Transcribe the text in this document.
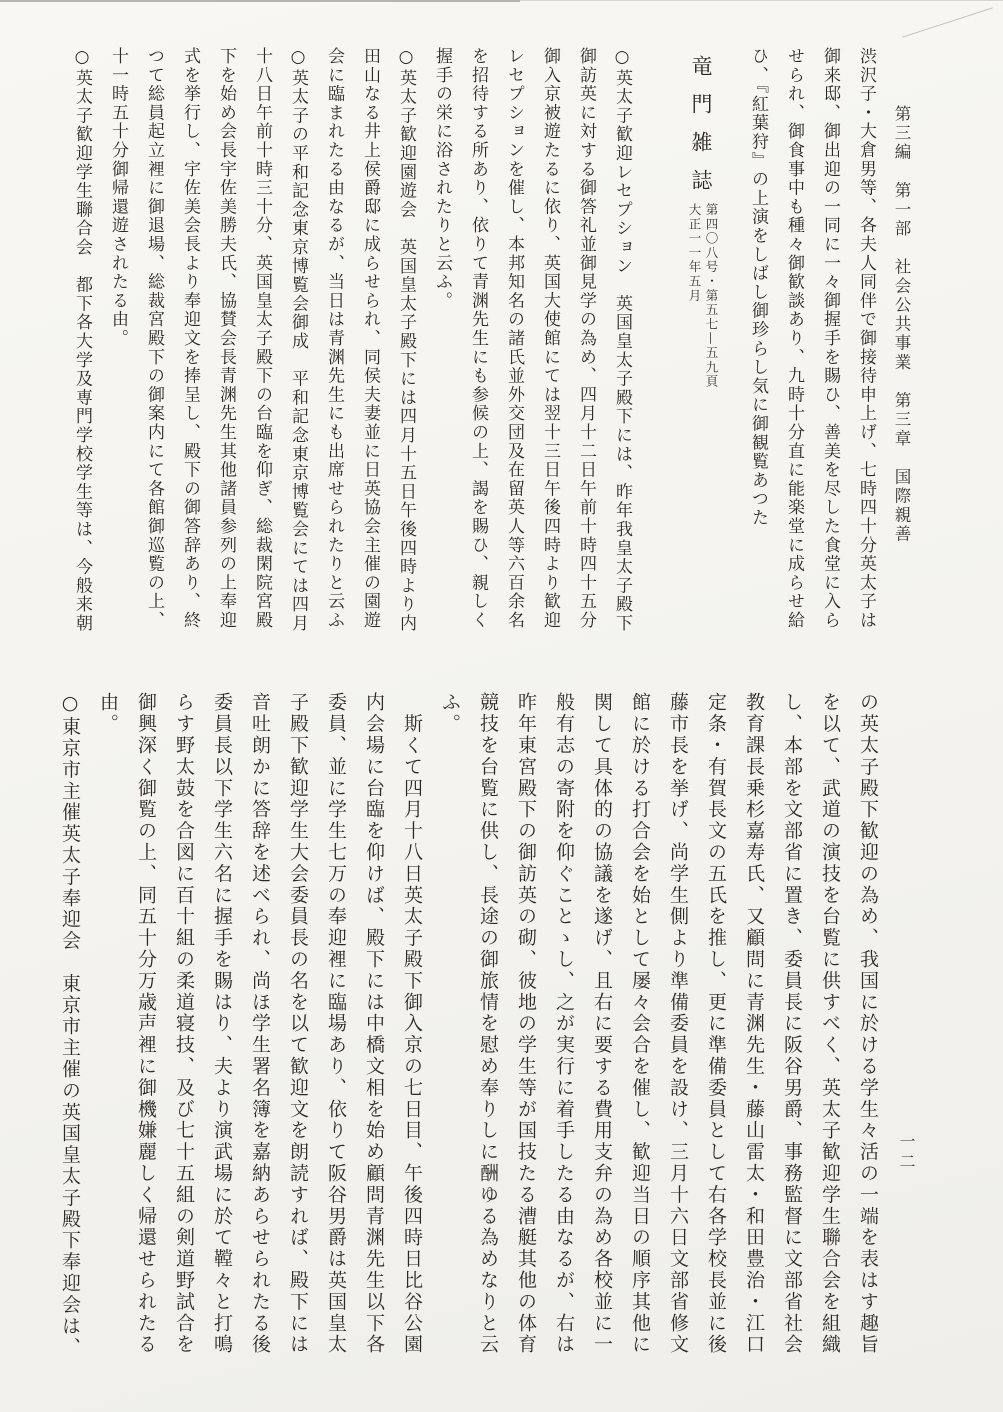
第三編　第一部　社会公共事業　第三章　国際親善
渋沢子・大倉男等、各夫人同伴で御接待申上げ、七時四十分英太子は
御来邸、御出迎の一同に一々御握手を賜ひ、善美を尽した食堂に入ら
せられ、御食事中も種々御歓談あり、九時十分直に能楽堂に成らせ給
ひ、『紅葉狩』の上演をしばし御珍らし気に御観覧あつた
竜門雑誌
第四〇八号・第五七—五九頁
大正一一年五月
○英太子歓迎レセプション　英国皇太子殿下には、昨年我皇太子殿下
御訪英に対する御答礼並御見学の為め、四月十二日午前十時四十五分
御入京被遊たるに依り、英国大使館にては翌十三日午後四時より歓迎
レセプションを催し、本邦知名の諸氏並外交団及在留英人等六百余名
を招待する所あり、依りて青渊先生にも参候の上、謁を賜ひ、親しく
握手の栄に浴されたりと云ふ。
○英太子歓迎園遊会　英国皇太子殿下には四月十五日午後四時より内
田山なる井上侯爵邸に成らせられ、同侯夫妻並に日英協会主催の園遊
会に臨まれたる由なるが、当日は青渊先生にも出席せられたりと云ふ
○英太子の平和記念東京博覧会御成　平和記念東京博覧会にては四月
十八日午前十時三十分、英国皇太子殿下の台臨を仰ぎ、総裁閑院宮殿
下を始め会長宇佐美勝夫氏、協賛会長青渊先生其他諸員参列の上奉迎
式を挙行し、宇佐美会長より奉迎文を捧呈し、殿下の御答辞あり、終
つて総員起立裡に御退場、総裁宮殿下の御案内にて各館御巡覧の上、
十一時五十分御帰還遊されたる由。
○英太子歓迎学生聯合会　都下各大学及専門学校学生等は、今般来朝
の英太子殿下歓迎の為め、我国に於ける学生々活の一端を表はす趣旨
を以て、武道の演技を台覧に供すべく、英太子歓迎学生聯合会を組織
し、本部を文部省に置き、委員長に阪谷男爵、事務監督に文部省社会
教育課長乗杉嘉寿氏、又顧問に青渊先生・藤山雷太・和田豊治・江口
定条・有賀長文の五氏を推し、更に準備委員として右各学校長並に後
藤市長を挙げ、尚学生側より準備委員を設け、三月十六日文部省修文
館に於ける打合会を始として屡々会合を催し、歓迎当日の順序其他に
関して具体的の協議を遂げ、且右に要する費用支弁の為め各校並に一
般有志の寄附を仰ぐことゝし、之が実行に着手したる由なるが、右は
昨年東宮殿下の御訪英の砌、彼地の学生等が国技たる漕艇其他の体育
競技を台覧に供し、長途の御旅情を慰め奉りしに酬ゆる為めなりと云
ふ。
　斯くて四月十八日英太子殿下御入京の七日目、午後四時日比谷公園
内会場に台臨を仰けば、殿下には中橋文相を始め顧問青渊先生以下各
委員、並に学生七万の奉迎裡に臨場あり、依りて阪谷男爵は英国皇太
子殿下歓迎学生大会委員長の名を以て歓迎文を朗読すれば、殿下には
音吐朗かに答辞を述べられ、尚ほ学生署名簿を嘉納あらせられたる後
委員長以下学生六名に握手を賜はり、夫より演武場に於て鞺々と打鳴
らす野太鼓を合図に百十組の柔道寝技、及び七十五組の剣道野試合を
御興深く御覧の上、同五十分万歳声裡に御機嫌麗しく帰還せられたる
由。
○東京市主催英太子奉迎会　東京市主催の英国皇太子殿下奉迎会は、	一二
